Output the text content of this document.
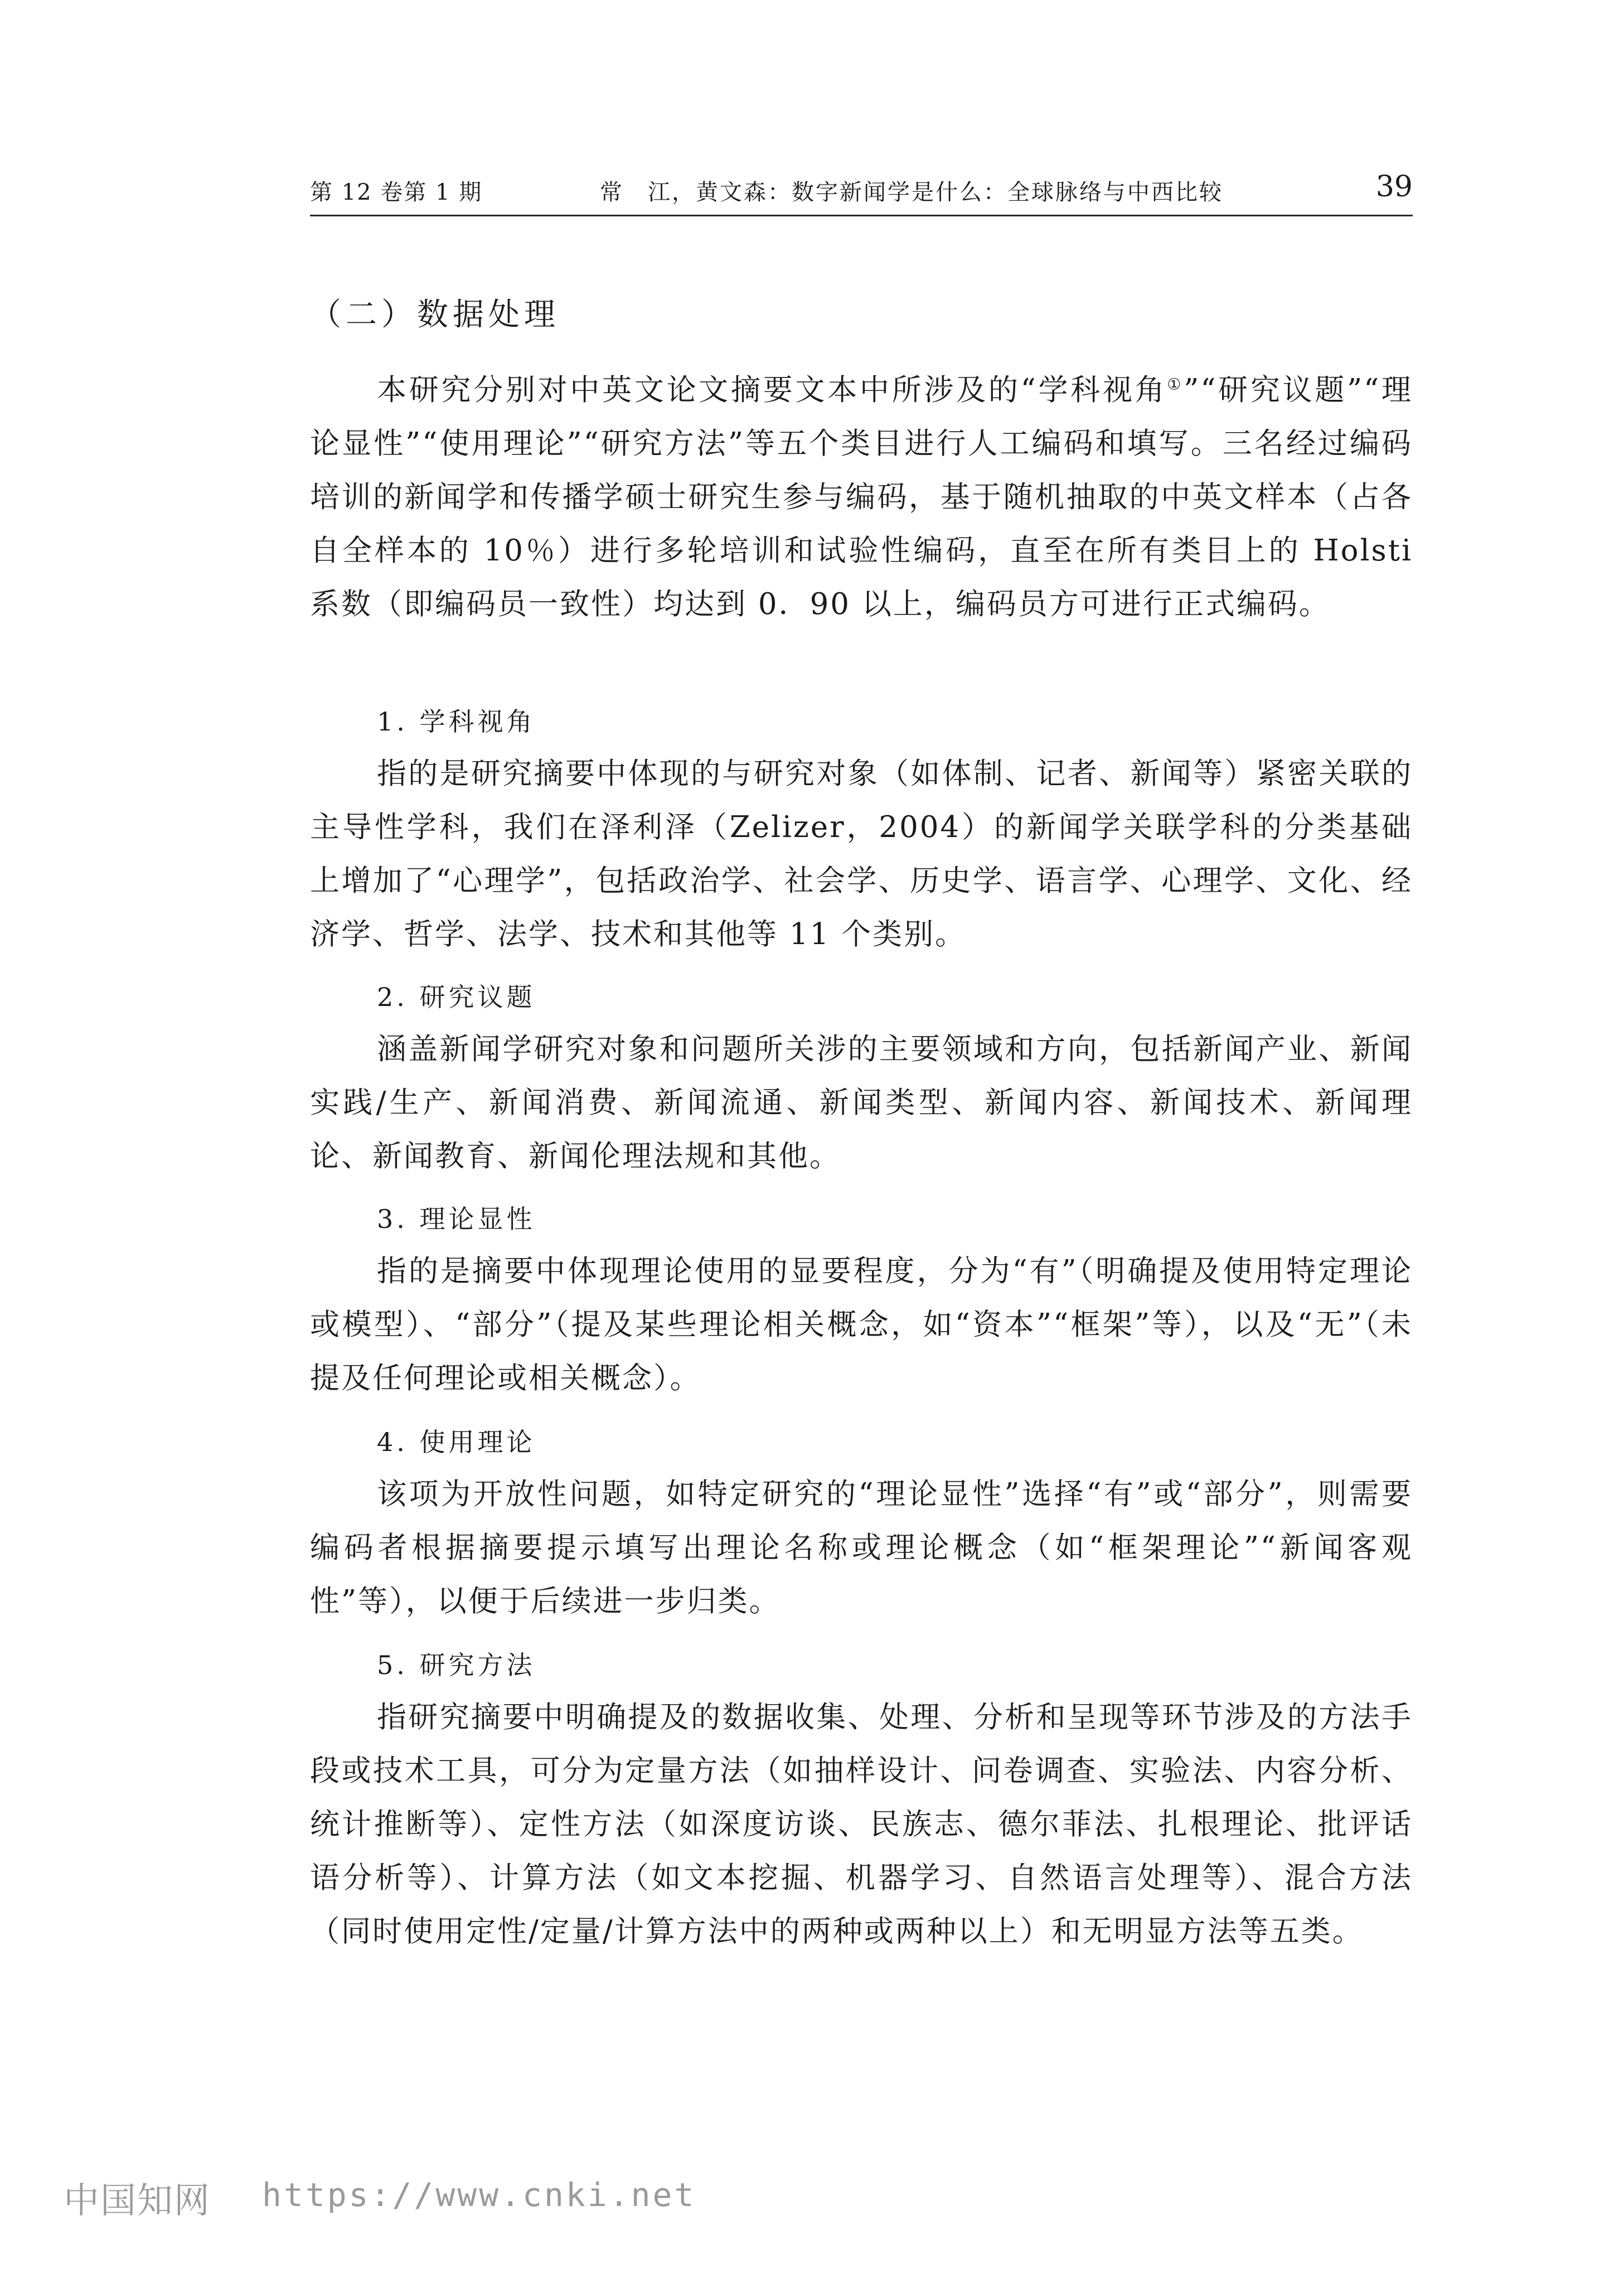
第 12 卷第 1 期	常　江，黄文森：数字新闻学是什么：全球脉络与中西比较	39
（二）数据处理

本研究分别对中英文论文摘要文本中所涉及的“学科视角①”“研究议题”“理论显性”“使用理论”“研究方法”等五个类目进行人工编码和填写。三名经过编码培训的新闻学和传播学硕士研究生参与编码，基于随机抽取的中英文样本（占各自全样本的 10％）进行多轮培训和试验性编码，直至在所有类目上的 Holsti 系数（即编码员一致性）均达到 0．90 以上，编码员方可进行正式编码。

1. 学科视角

指的是研究摘要中体现的与研究对象（如体制、记者、新闻等）紧密关联的主导性学科，我们在泽利泽（Zelizer，2004）的新闻学关联学科的分类基础上增加了“心理学”，包括政治学、社会学、历史学、语言学、心理学、文化、经济学、哲学、法学、技术和其他等 11 个类别。

2. 研究议题

涵盖新闻学研究对象和问题所关涉的主要领域和方向，包括新闻产业、新闻实践/生产、新闻消费、新闻流通、新闻类型、新闻内容、新闻技术、新闻理论、新闻教育、新闻伦理法规和其他。

3. 理论显性

指的是摘要中体现理论使用的显要程度，分为“有”（明确提及使用特定理论或模型）、“部分”（提及某些理论相关概念，如“资本”“框架”等），以及“无”（未提及任何理论或相关概念）。

4. 使用理论

该项为开放性问题，如特定研究的“理论显性”选择“有”或“部分”，则需要编码者根据摘要提示填写出理论名称或理论概念（如“框架理论”“新闻客观性”等），以便于后续进一步归类。

5. 研究方法

指研究摘要中明确提及的数据收集、处理、分析和呈现等环节涉及的方法手段或技术工具，可分为定量方法（如抽样设计、问卷调查、实验法、内容分析、统计推断等）、定性方法（如深度访谈、民族志、德尔菲法、扎根理论、批评话语分析等）、计算方法（如文本挖掘、机器学习、自然语言处理等）、混合方法（同时使用定性/定量/计算方法中的两种或两种以上）和无明显方法等五类。

中国知网 https://www.cnki.net
